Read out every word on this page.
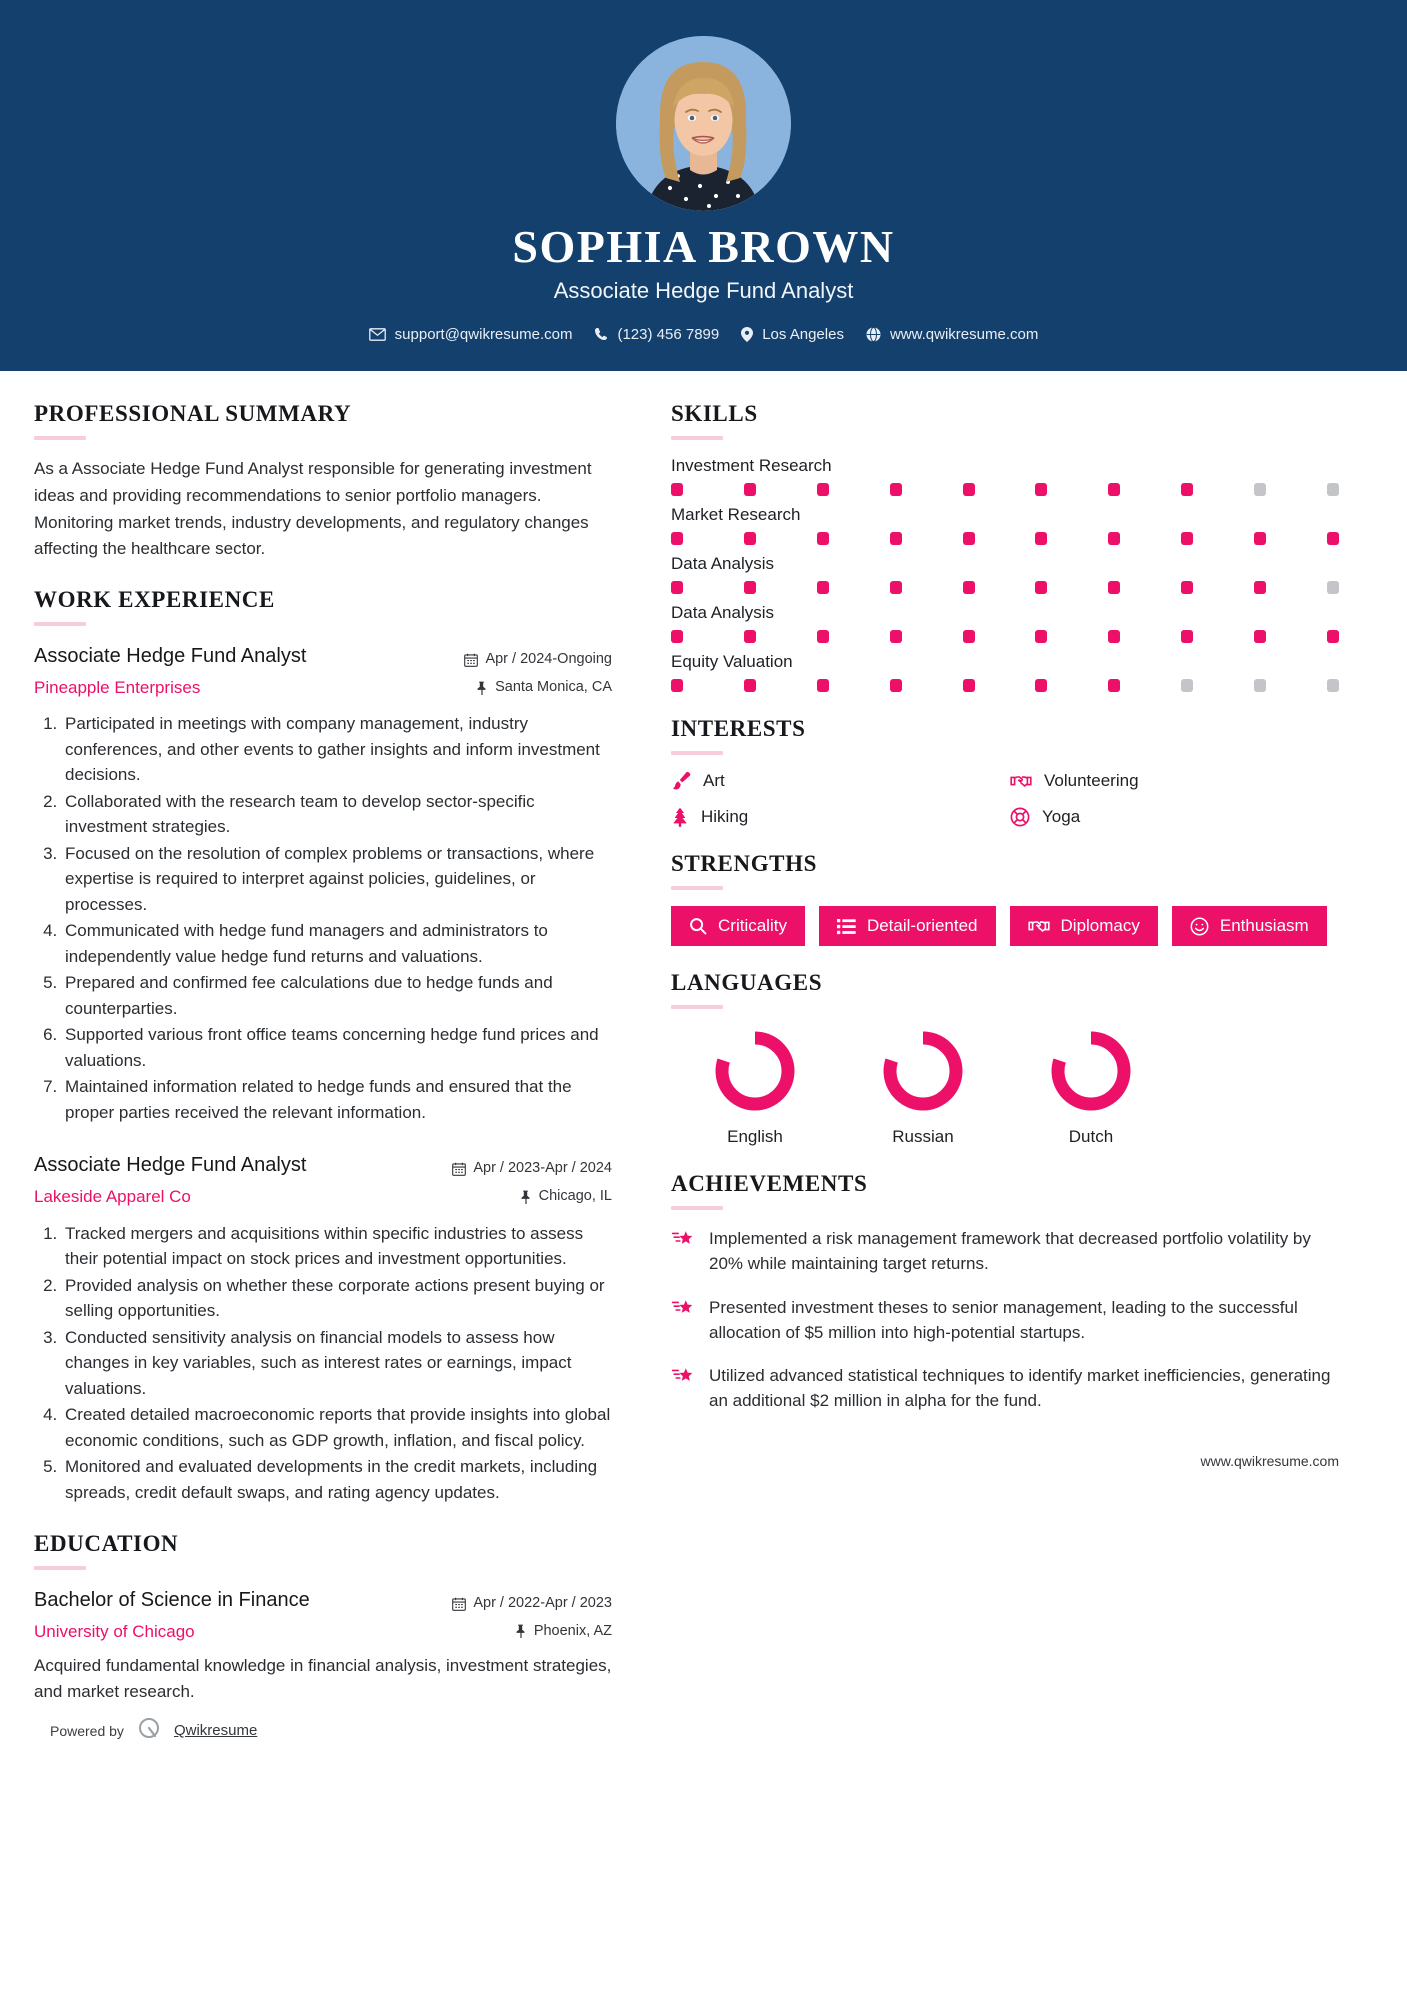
SOPHIA BROWN
Associate Hedge Fund Analyst
support@qwikresume.com	(123) 456 7899	Los Angeles	www.qwikresume.com
PROFESSIONAL SUMMARY
As a Associate Hedge Fund Analyst responsible for generating investment ideas and providing recommendations to senior portfolio managers. Monitoring market trends, industry developments, and regulatory changes affecting the healthcare sector.
WORK EXPERIENCE
Associate Hedge Fund Analyst
Pineapple Enterprises
Apr / 2024-Ongoing
Santa Monica, CA
1. Participated in meetings with company management, industry conferences, and other events to gather insights and inform investment decisions.
2. Collaborated with the research team to develop sector-specific investment strategies.
3. Focused on the resolution of complex problems or transactions, where expertise is required to interpret against policies, guidelines, or processes.
4. Communicated with hedge fund managers and administrators to independently value hedge fund returns and valuations.
5. Prepared and confirmed fee calculations due to hedge funds and counterparties.
6. Supported various front office teams concerning hedge fund prices and valuations.
7. Maintained information related to hedge funds and ensured that the proper parties received the relevant information.
Associate Hedge Fund Analyst
Lakeside Apparel Co
Apr / 2023-Apr / 2024
Chicago, IL
1. Tracked mergers and acquisitions within specific industries to assess their potential impact on stock prices and investment opportunities.
2. Provided analysis on whether these corporate actions present buying or selling opportunities.
3. Conducted sensitivity analysis on financial models to assess how changes in key variables, such as interest rates or earnings, impact valuations.
4. Created detailed macroeconomic reports that provide insights into global economic conditions, such as GDP growth, inflation, and fiscal policy.
5. Monitored and evaluated developments in the credit markets, including spreads, credit default swaps, and rating agency updates.
EDUCATION
Bachelor of Science in Finance
University of Chicago
Apr / 2022-Apr / 2023
Phoenix, AZ
Acquired fundamental knowledge in financial analysis, investment strategies, and market research.
Powered by	Qwikresume
SKILLS
Investment Research
Market Research
Data Analysis
Data Analysis
Equity Valuation
INTERESTS
Art	Volunteering
Hiking	Yoga
STRENGTHS
Criticality	Detail-oriented	Diplomacy	Enthusiasm
LANGUAGES
English	Russian	Dutch
ACHIEVEMENTS
Implemented a risk management framework that decreased portfolio volatility by 20% while maintaining target returns.
Presented investment theses to senior management, leading to the successful allocation of $5 million into high-potential startups.
Utilized advanced statistical techniques to identify market inefficiencies, generating an additional $2 million in alpha for the fund.
www.qwikresume.com
